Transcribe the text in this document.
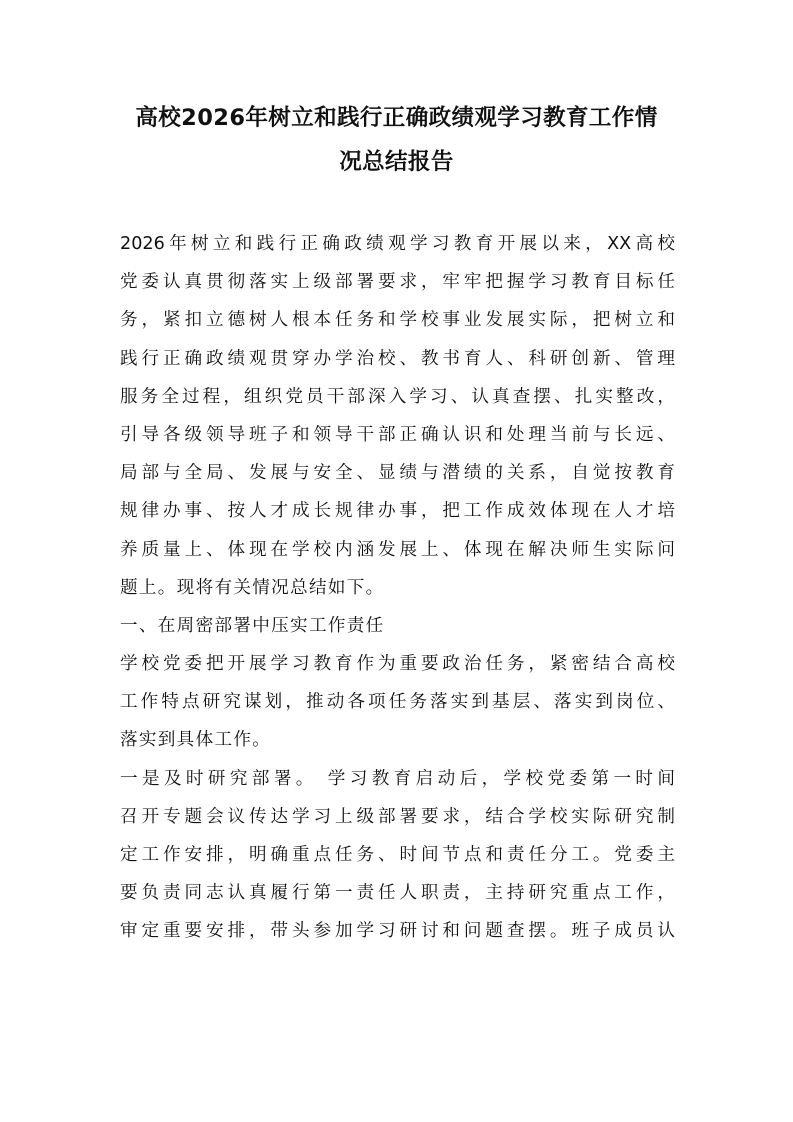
高校2026年树立和践行正确政绩观学习教育工作情
况总结报告
2026年树立和践行正确政绩观学习教育开展以来，XX高校
党委认真贯彻落实上级部署要求，牢牢把握学习教育目标任
务，紧扣立德树人根本任务和学校事业发展实际，把树立和
践行正确政绩观贯穿办学治校、教书育人、科研创新、管理
服务全过程，组织党员干部深入学习、认真查摆、扎实整改，
引导各级领导班子和领导干部正确认识和处理当前与长远、
局部与全局、发展与安全、显绩与潜绩的关系，自觉按教育
规律办事、按人才成长规律办事，把工作成效体现在人才培
养质量上、体现在学校内涵发展上、体现在解决师生实际问
题上。现将有关情况总结如下。
一、在周密部署中压实工作责任
学校党委把开展学习教育作为重要政治任务，紧密结合高校
工作特点研究谋划，推动各项任务落实到基层、落实到岗位、
落实到具体工作。
一是及时研究部署。 学习教育启动后，学校党委第一时间
召开专题会议传达学习上级部署要求，结合学校实际研究制
定工作安排，明确重点任务、时间节点和责任分工。党委主
要负责同志认真履行第一责任人职责，主持研究重点工作，
审定重要安排，带头参加学习研讨和问题查摆。班子成员认
